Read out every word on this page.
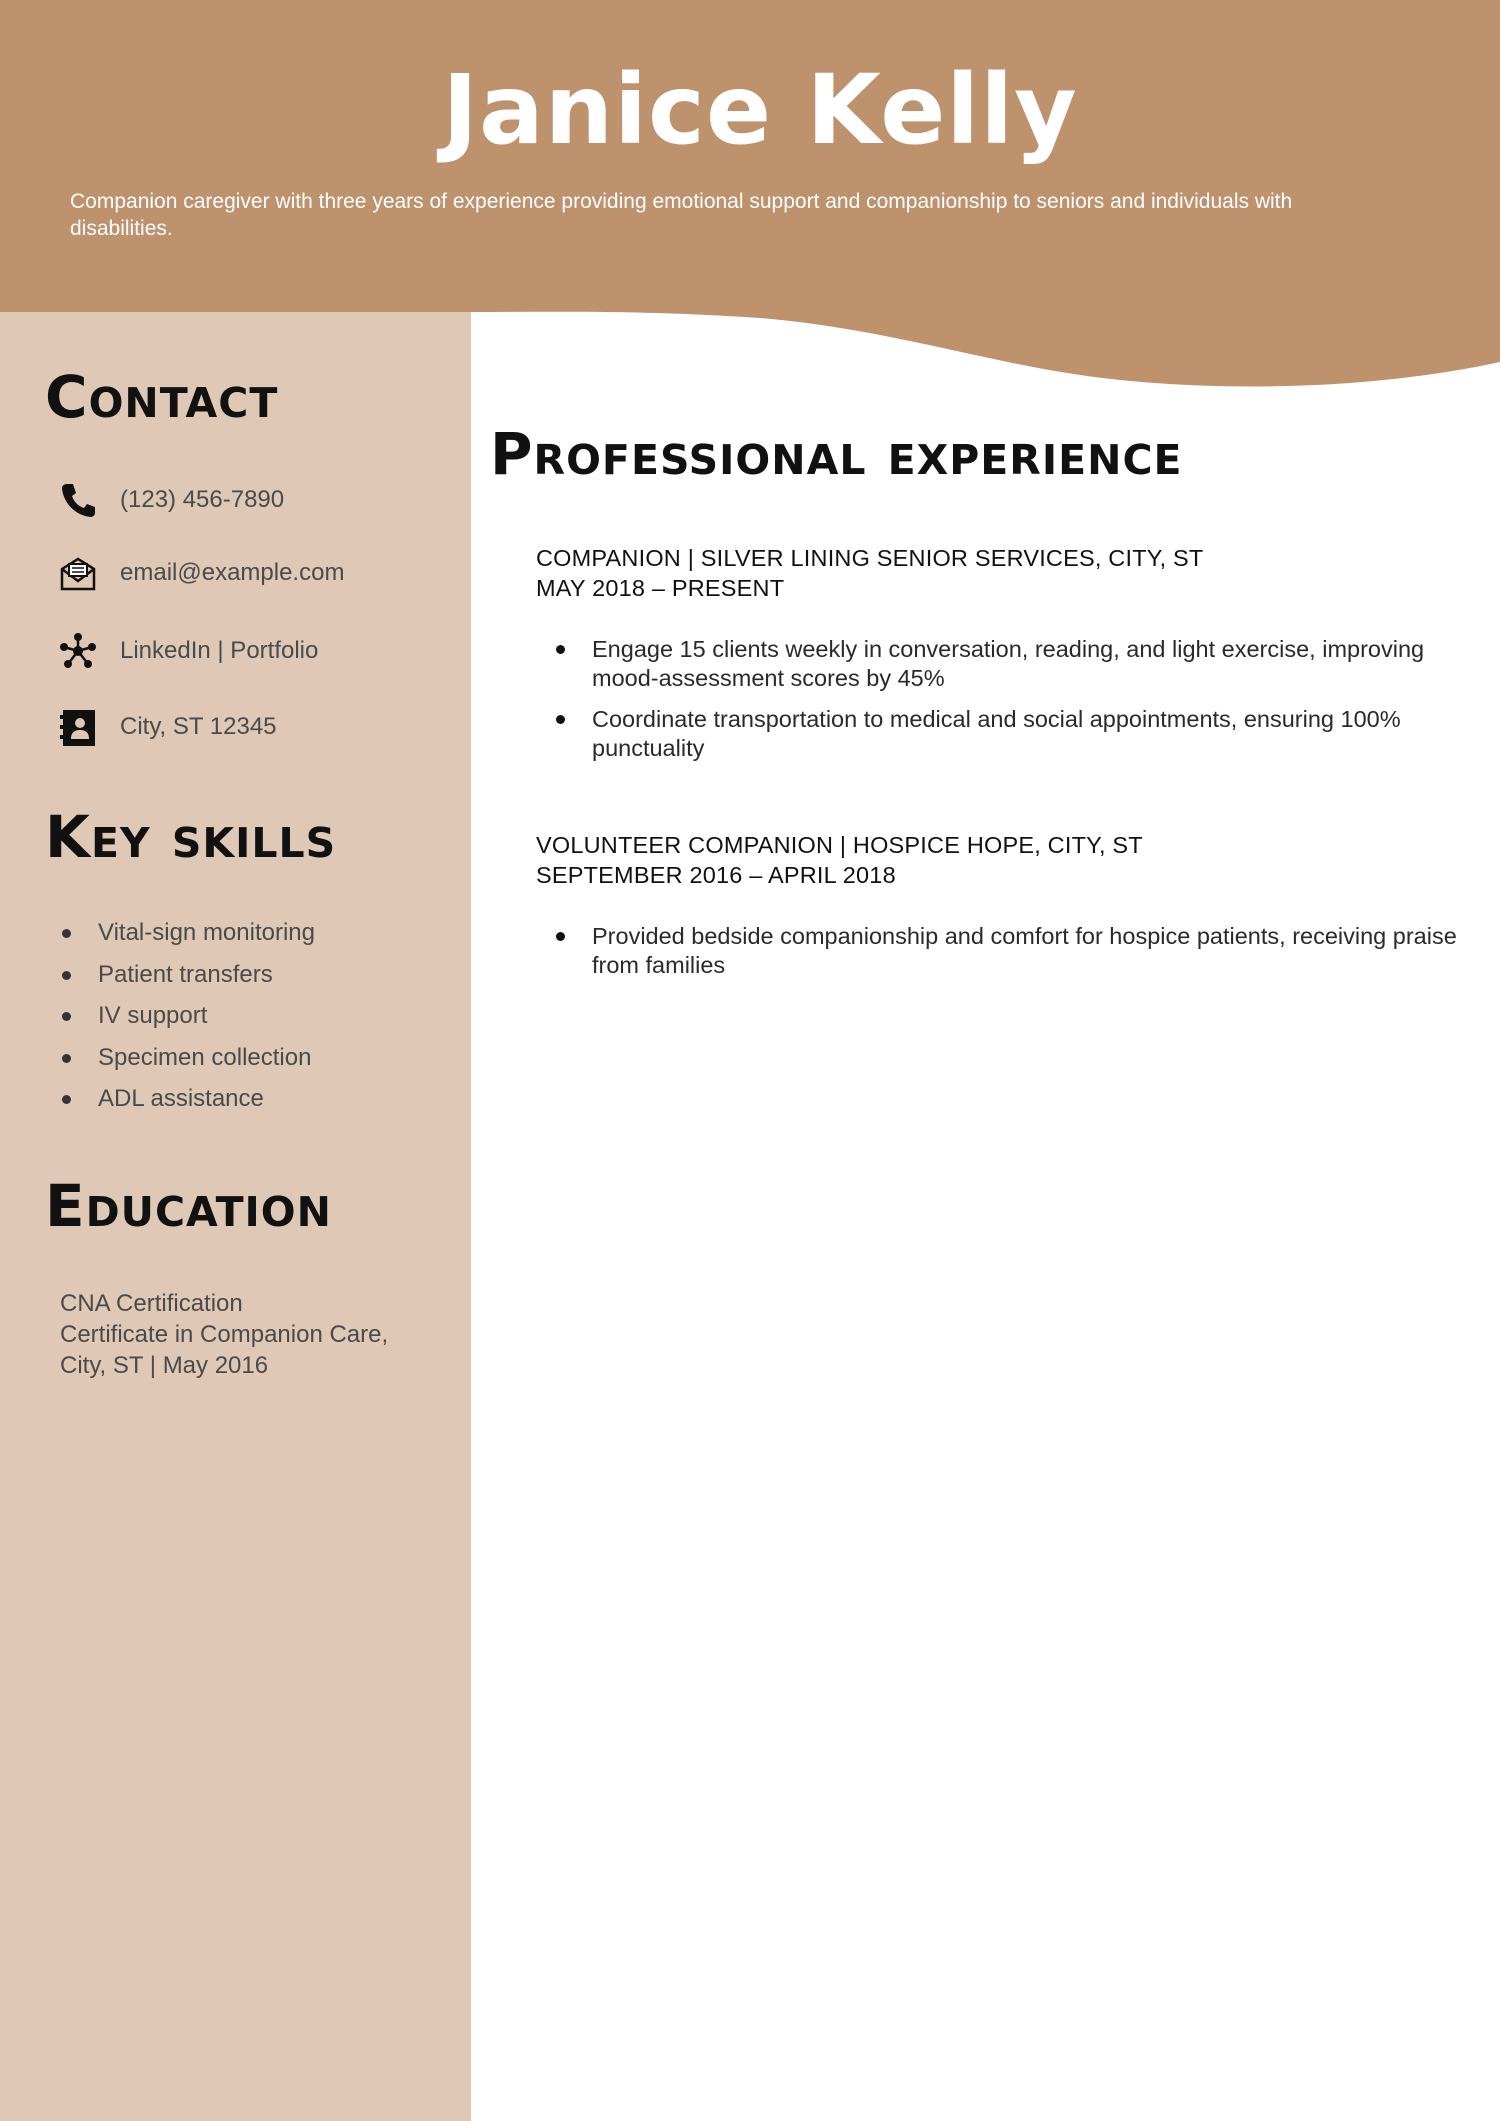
Janice Kelly

Companion caregiver with three years of experience providing emotional support and companionship to seniors and individuals with disabilities.

Contact
(123) 456-7890
email@example.com
LinkedIn | Portfolio
City, ST 12345
Key skills
Vital-sign monitoring
Patient transfers
IV support
Specimen collection
ADL assistance
Education
CNA Certification
Certificate in Companion Care,
City, ST | May 2016
Professional experience
COMPANION | SILVER LINING SENIOR SERVICES, CITY, ST
MAY 2018 – PRESENT
Engage 15 clients weekly in conversation, reading, and light exercise, improving mood-assessment scores by 45%
Coordinate transportation to medical and social appointments, ensuring 100% punctuality
VOLUNTEER COMPANION | HOSPICE HOPE, CITY, ST
SEPTEMBER 2016 – APRIL 2018
Provided bedside companionship and comfort for hospice patients, receiving praise from families
